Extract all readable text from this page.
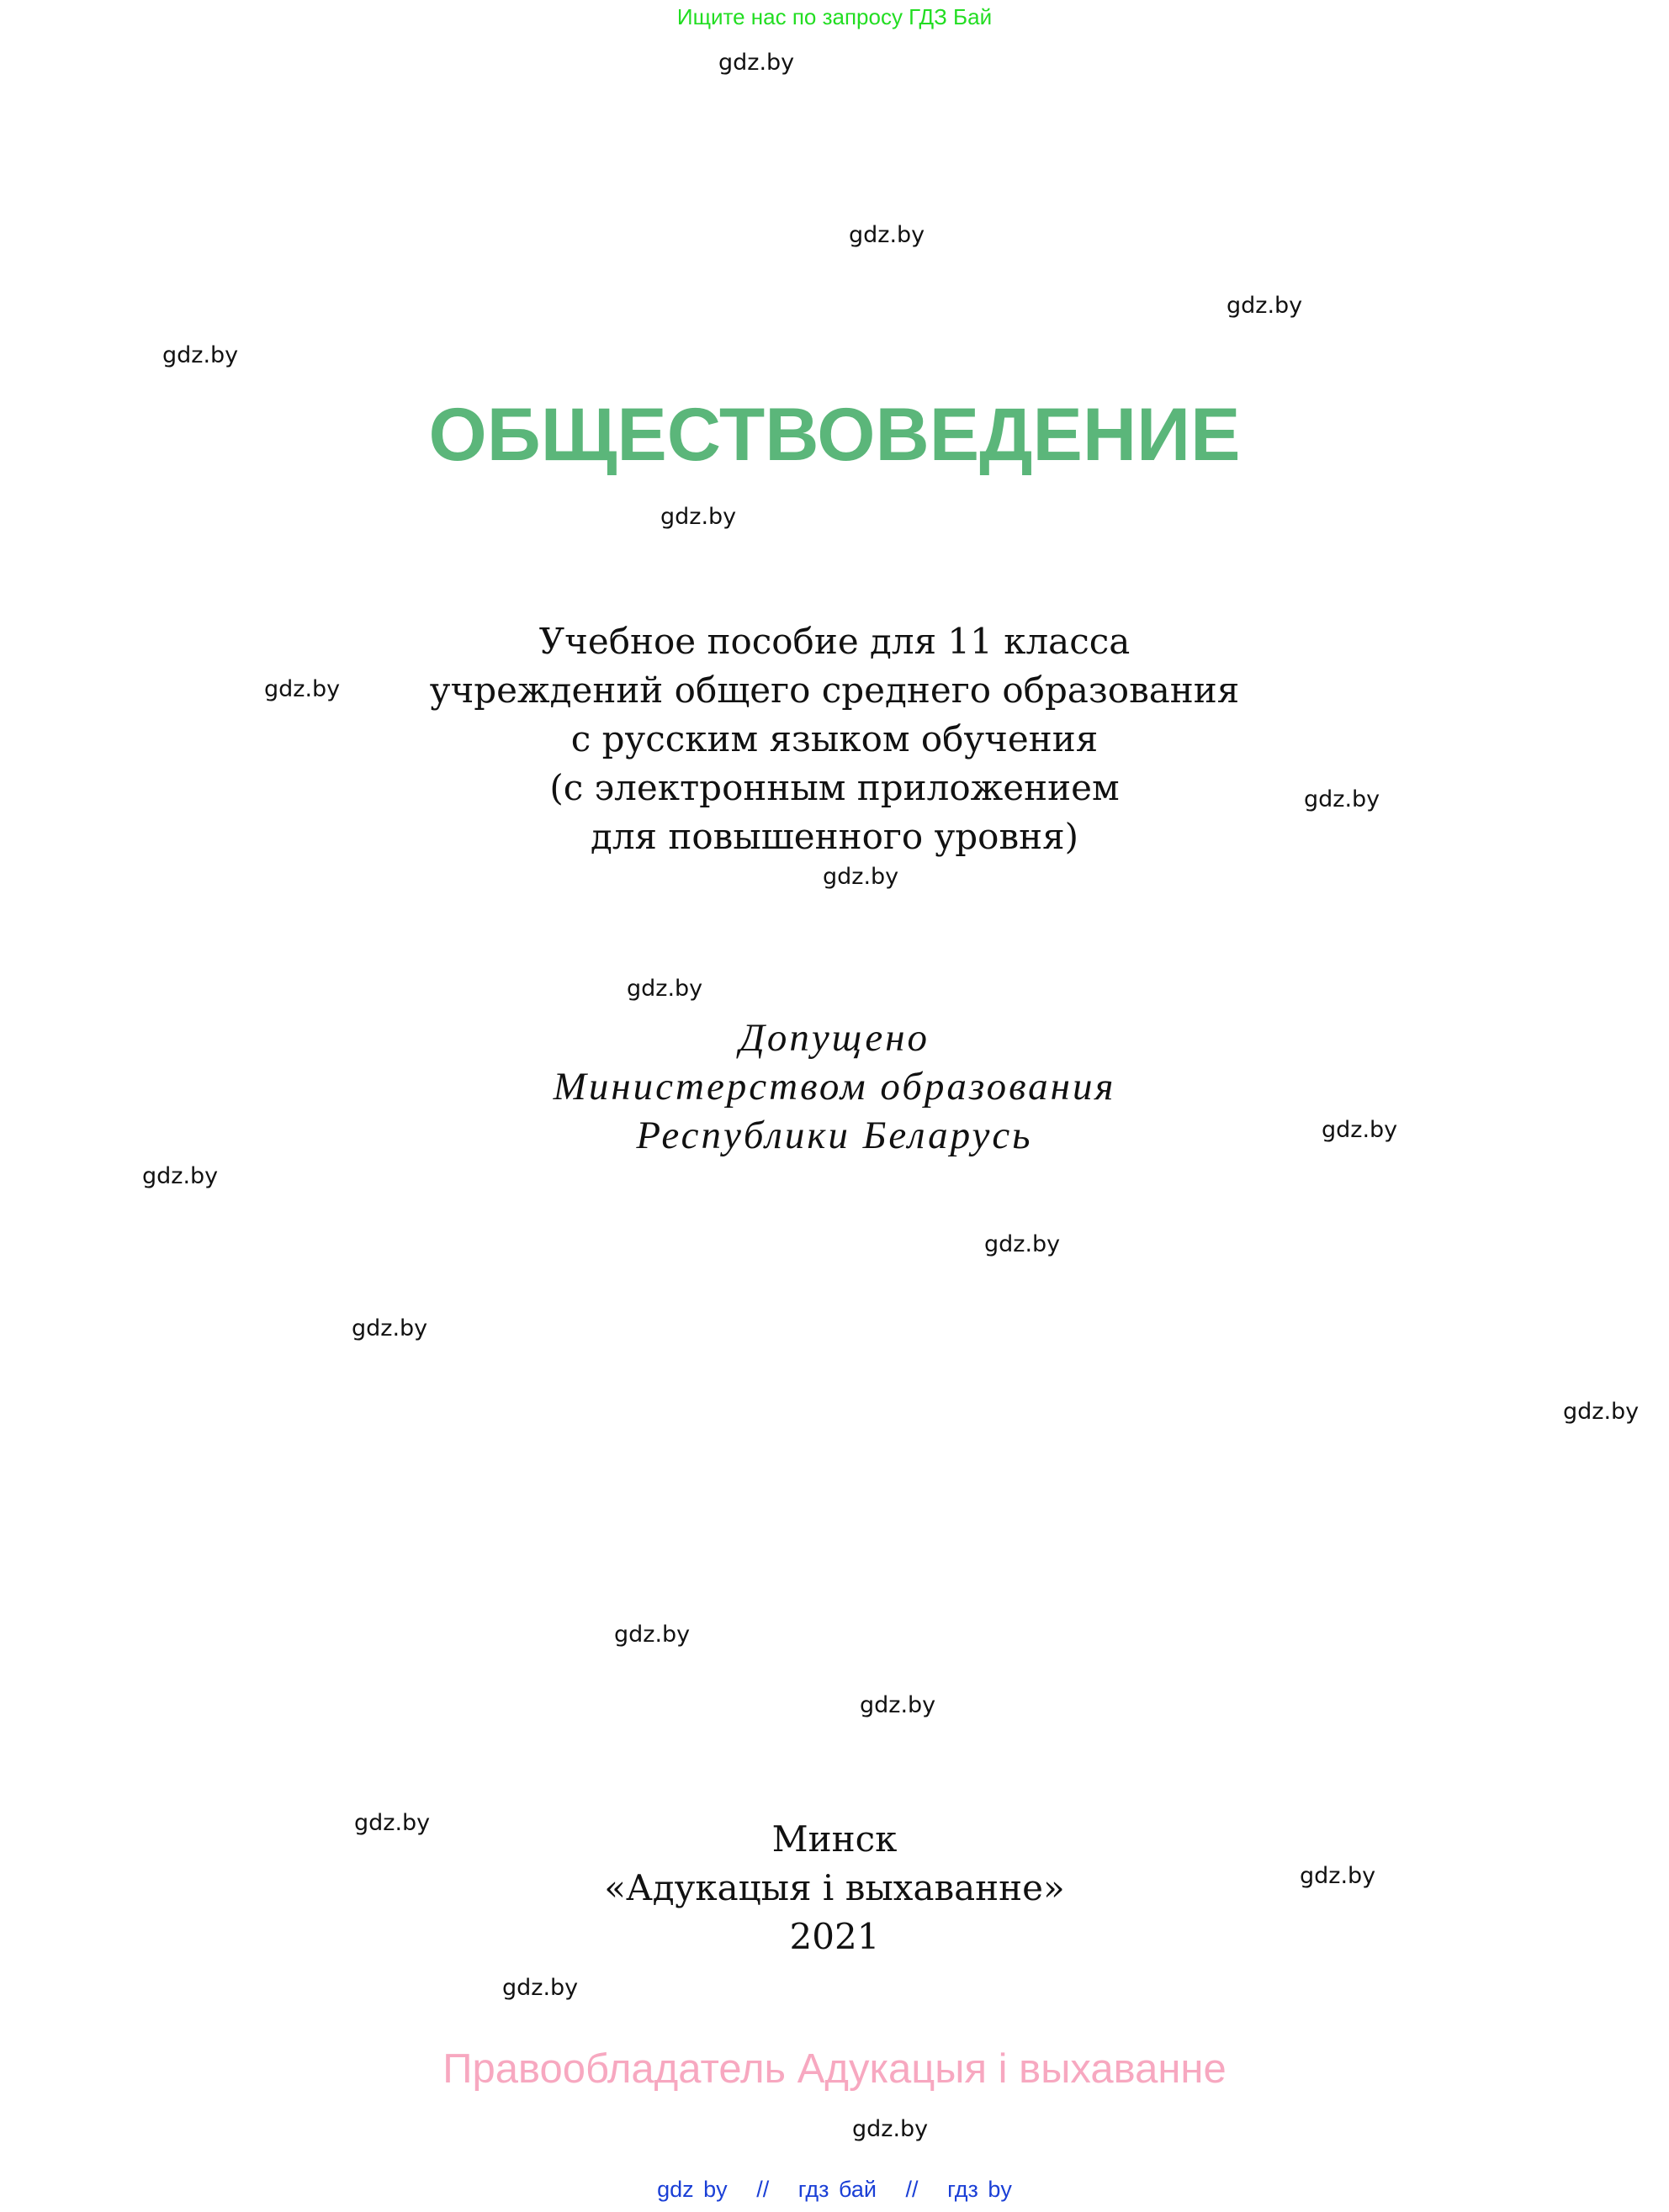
Ищите нас по запросу ГДЗ Бай
ОБЩЕСТВОВЕДЕНИЕ
Учебное пособие для 11 класса
учреждений общего среднего образования
с русским языком обучения
(с электронным приложением
для повышенного уровня)
Допущено
Министерством образования
Республики Беларусь
Минск
«Адукацыя і выхаванне»
2021
Правообладатель Адукацыя і выхаванне
gdz by // гдз бай // гдз by
gdz.by
gdz.by
gdz.by
gdz.by
gdz.by
gdz.by
gdz.by
gdz.by
gdz.by
gdz.by
gdz.by
gdz.by
gdz.by
gdz.by
gdz.by
gdz.by
gdz.by
gdz.by
gdz.by
gdz.by
